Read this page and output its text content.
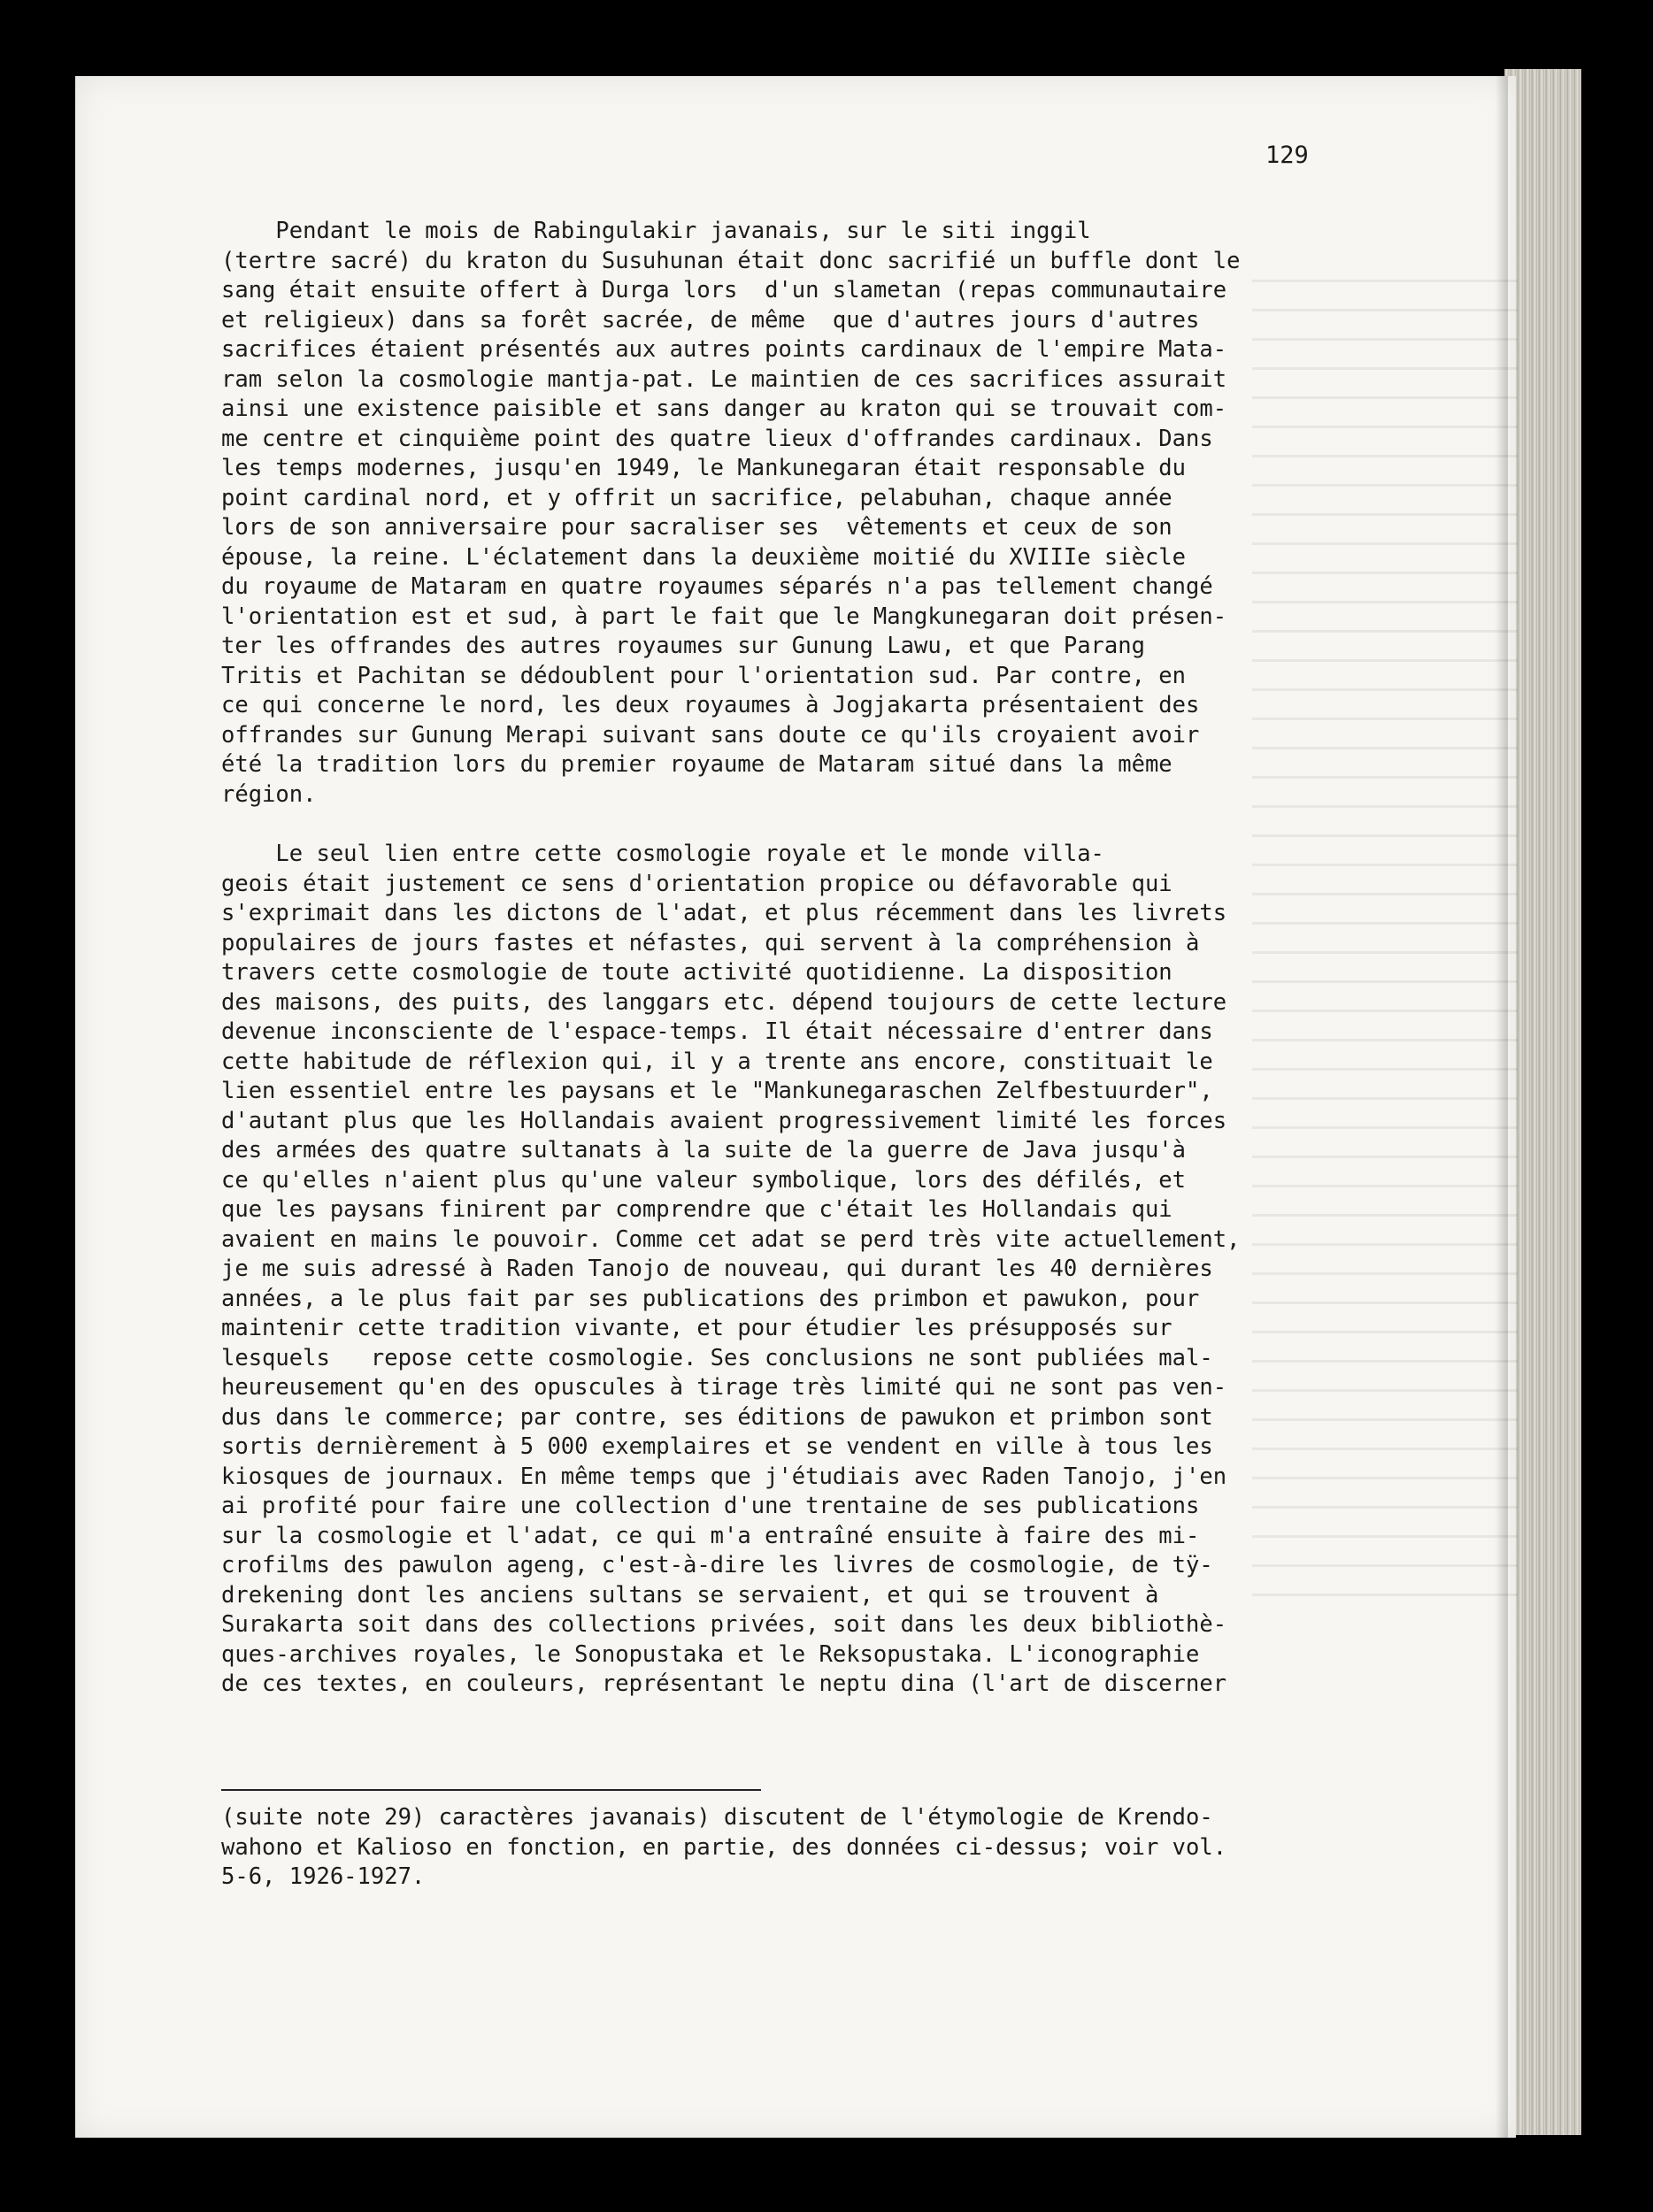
129
Pendant le mois de Rabingulakir javanais, sur le siti inggil
(tertre sacré) du kraton du Susuhunan était donc sacrifié un buffle dont le
sang était ensuite offert à Durga lors  d'un slametan (repas communautaire
et religieux) dans sa forêt sacrée, de même  que d'autres jours d'autres
sacrifices étaient présentés aux autres points cardinaux de l'empire Mata-
ram selon la cosmologie mantja-pat. Le maintien de ces sacrifices assurait
ainsi une existence paisible et sans danger au kraton qui se trouvait com-
me centre et cinquième point des quatre lieux d'offrandes cardinaux. Dans
les temps modernes, jusqu'en 1949, le Mankunegaran était responsable du
point cardinal nord, et y offrit un sacrifice, pelabuhan, chaque année
lors de son anniversaire pour sacraliser ses  vêtements et ceux de son
épouse, la reine. L'éclatement dans la deuxième moitié du XVIIIe siècle
du royaume de Mataram en quatre royaumes séparés n'a pas tellement changé
l'orientation est et sud, à part le fait que le Mangkunegaran doit présen-
ter les offrandes des autres royaumes sur Gunung Lawu, et que Parang
Tritis et Pachitan se dédoublent pour l'orientation sud. Par contre, en
ce qui concerne le nord, les deux royaumes à Jogjakarta présentaient des
offrandes sur Gunung Merapi suivant sans doute ce qu'ils croyaient avoir
été la tradition lors du premier royaume de Mataram situé dans la même
région.
Le seul lien entre cette cosmologie royale et le monde villa-
geois était justement ce sens d'orientation propice ou défavorable qui
s'exprimait dans les dictons de l'adat, et plus récemment dans les livrets
populaires de jours fastes et néfastes, qui servent à la compréhension à
travers cette cosmologie de toute activité quotidienne. La disposition
des maisons, des puits, des langgars etc. dépend toujours de cette lecture
devenue inconsciente de l'espace-temps. Il était nécessaire d'entrer dans
cette habitude de réflexion qui, il y a trente ans encore, constituait le
lien essentiel entre les paysans et le "Mankunegaraschen Zelfbestuurder",
d'autant plus que les Hollandais avaient progressivement limité les forces
des armées des quatre sultanats à la suite de la guerre de Java jusqu'à
ce qu'elles n'aient plus qu'une valeur symbolique, lors des défilés, et
que les paysans finirent par comprendre que c'était les Hollandais qui
avaient en mains le pouvoir. Comme cet adat se perd très vite actuellement,
je me suis adressé à Raden Tanojo de nouveau, qui durant les 40 dernières
années, a le plus fait par ses publications des primbon et pawukon, pour
maintenir cette tradition vivante, et pour étudier les présupposés sur
lesquels   repose cette cosmologie. Ses conclusions ne sont publiées mal-
heureusement qu'en des opuscules à tirage très limité qui ne sont pas ven-
dus dans le commerce; par contre, ses éditions de pawukon et primbon sont
sortis dernièrement à 5 000 exemplaires et se vendent en ville à tous les
kiosques de journaux. En même temps que j'étudiais avec Raden Tanojo, j'en
ai profité pour faire une collection d'une trentaine de ses publications
sur la cosmologie et l'adat, ce qui m'a entraîné ensuite à faire des mi-
crofilms des pawulon ageng, c'est-à-dire les livres de cosmologie, de tÿ-
drekening dont les anciens sultans se servaient, et qui se trouvent à
Surakarta soit dans des collections privées, soit dans les deux bibliothè-
ques-archives royales, le Sonopustaka et le Reksopustaka. L'iconographie
de ces textes, en couleurs, représentant le neptu dina (l'art de discerner
(suite note 29) caractères javanais) discutent de l'étymologie de Krendo-
wahono et Kalioso en fonction, en partie, des données ci-dessus; voir vol.
5-6, 1926-1927.
